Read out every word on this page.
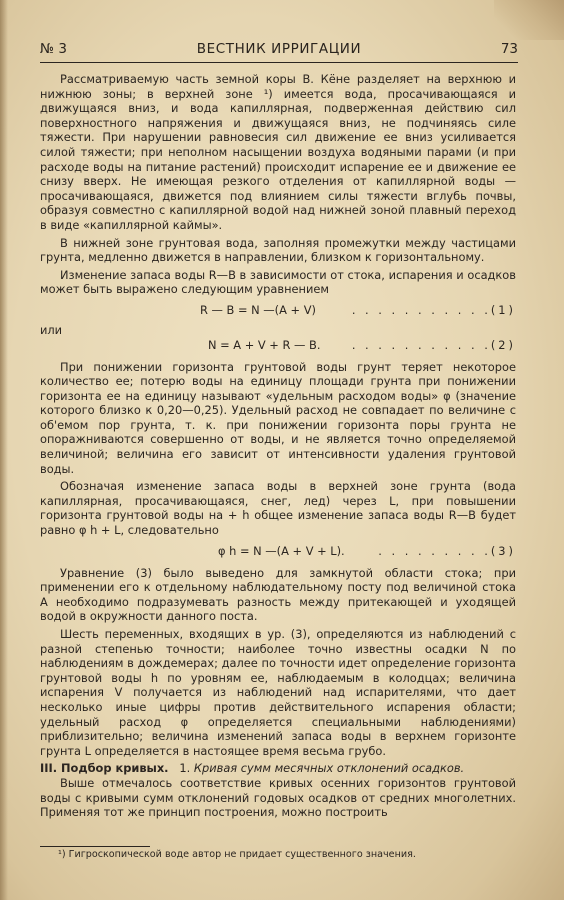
№ 3	ВЕСТНИК ИРРИГАЦИИ	73

Рассматриваемую часть земной коры В. Кёне разделяет на верхнюю и нижнюю зоны; в верхней зоне ¹) имеется вода, просачивающаяся и движущаяся вниз, и вода капиллярная, подверженная действию сил поверхностного напряжения и движущаяся вниз, не подчиняясь силе тяжести. При нарушении равновесия сил движение ее вниз усиливается силой тяжести; при неполном насыщении воздуха водяными парами (и при расходе воды на питание растений) происходит испарение ее и движение ее снизу вверх. Не имеющая резкого отделения от капиллярной воды — просачивающаяся, движется под влиянием силы тяжести вглубь почвы, образуя совместно с капиллярной водой над нижней зоной плавный переход в виде «капиллярной каймы».

В нижней зоне грунтовая вода, заполняя промежутки между частицами грунта, медленно движется в направлении, близком к горизонтальному.

Изменение запаса воды R—B в зависимости от стока, испарения и осадков может быть выражено следующим уравнением

R — B = N —(A + V)	. . . . . . . . . . .(1)
или
N = A + V + R — B.	. . . . . . . . . . .(2)

При понижении горизонта грунтовой воды грунт теряет некоторое количество ее; потерю воды на единицу площади грунта при понижении горизонта ее на единицу называют «удельным расходом воды» φ (значение которого близко к 0,20—0,25). Удельный расход не совпадает по величине с об'емом пор грунта, т. к. при понижении горизонта поры грунта не опоражниваются совершенно от воды, и не является точно определяемой величиной; величина его зависит от интенсивности удаления грунтовой воды.

Обозначая изменение запаса воды в верхней зоне грунта (вода капиллярная, просачивающаяся, снег, лед) через L, при повышении горизонта грунтовой воды на + h общее изменение запаса воды R—B будет равно φ h + L, следовательно

φ h = N —(A + V + L).	. . . . . . . . .(3)

Уравнение (3) было выведено для замкнутой области стока; при применении его к отдельному наблюдательному посту под величиной стока A необходимо подразумевать разность между притекающей и уходящей водой в окружности данного поста.

Шесть переменных, входящих в ур. (3), определяются из наблюдений с разной степенью точности; наиболее точно известны осадки N по наблюдениям в дождемерах; далее по точности идет определение горизонта грунтовой воды h по уровням ее, наблюдаемым в колодцах; величина испарения V получается из наблюдений над испарителями, что дает несколько иные цифры против действительного испарения области; удельный расход φ определяется специальными наблюдениями) приблизительно; величина изменений запаса воды в верхнем горизонте грунта L определяется в настоящее время весьма грубо.

III. Подбор кривых. 1. Кривая сумм месячных отклонений осадков.

Выше отмечалось соответствие кривых осенних горизонтов грунтовой воды с кривыми сумм отклонений годовых осадков от средних многолетних. Применяя тот же принцип построения, можно построить

¹) Гигроскопической воде автор не придает существенного значения.
